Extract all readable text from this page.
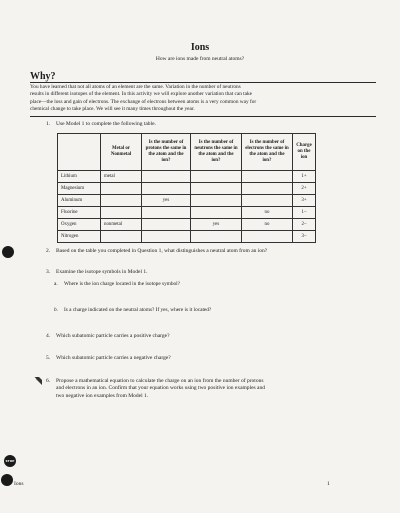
Ions
How are ions made from neutral atoms?
Why?
You have learned that not all atoms of an element are the same. Variation in the number of neutrons
results in different isotopes of the element. In this activity we will explore another variation that can take
place—the loss and gain of electrons. The exchange of electrons between atoms is a very common way for
chemical change to take place. We will see it many times throughout the year.
1. Use Model 1 to complete the following table.
	Metal or Nonmetal	Is the number of protons the same in the atom and the ion?	Is the number of neutrons the same in the atom and the ion?	Is the number of electrons the same in the atom and the ion?	Charge on the ion
Lithium	metal				1+
Magnesium					2+
Aluminum		yes			3+
Fluorine				no	1–
Oxygen	nonmetal		yes	no	2–
Nitrogen					3–
2. Based on the table you completed in Question 1, what distinguishes a neutral atom from an ion?
3. Examine the isotope symbols in Model 1.
a. Where is the ion charge located in the isotope symbol?
b. Is a charge indicated on the neutral atoms? If yes, where is it located?
4. Which subatomic particle carries a positive charge?
5. Which subatomic particle carries a negative charge?
6. Propose a mathematical equation to calculate the charge on an ion from the number of protons
and electrons in an ion. Confirm that your equation works using two positive ion examples and
two negative ion examples from Model 1.
STOP
Ions	1
